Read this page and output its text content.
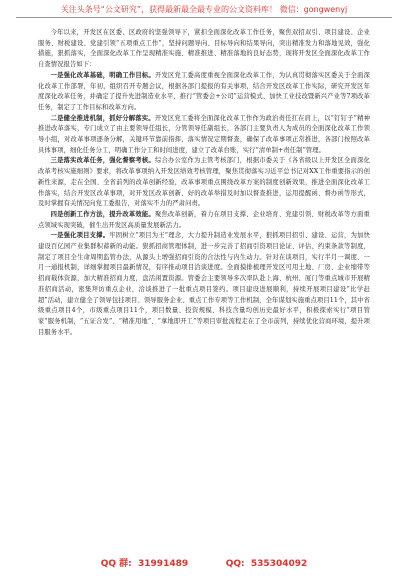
关注头条号“公文研究”，获得最新最全最专业的公文资料库！ 微信：gongwenyj

今年以来，开发区在区委、区政府的坚强领导下，紧扣全面深化改革工作任务，聚焦双招双引、项目建设、企业服务、财税建设、党建引领“五项重点工作”，坚持问题导向、目标导向和结果导向，突出精准发力和落地见效，强化措施，狠抓落实，全面深化改革工作呈现精准实施、精准推进、精准落地的良好态势，现将开发区全面深化改革工作自查情况报告如下：

一是强化改革基础，明确工作目标。开发区党工委高度重视全面深化改革工作，为认真贯彻落实区委关于全面深化改革工作部署，年初，组织召开专题会议，根据各部门提报的有关事项，结合开发区改革工作实际，研究开发区年度深化改革任务，并确定了提升先进制造业水平、推行“管委会+公司”运营模式、加快工业技改暨新兴产业等7项改革任务，制定了工作目标和改革方向。

二是健全推进机制，抓好分解落实。开发区党工委将全面深化改革工作作为政治责任扛在肩上，以“钉钉子”精神推进改革落实，专门成立了由主要领导任组长，分管领导任副组长，各部门主要负责人为成员的全面深化改革工作领导小组，对改革事项逐条分解，关键环节靠前指挥，落实情况定期督查，确保了改革事项正常推进，各部门按照改革具体事项，细化任务分工，明确工作分工和时间进度，建立了改革台账，实行“清单制+责任制”管理。

三是落实改革任务，强化督察考核。综合办公室作为主管考核部门，根据市委关于《各省级以上开发区全面深化改革考核实施细则》要求，将改革事项纳入开发区绩效考核管理，聚焦贯彻落实习近平总书记对XX工作重要指示的创新性来源，走在全国、全省前列的改革创新经验，改革事项重点围绕改革方案的制度创新效果，推进全面深化改革工作落实，结合开发区改革事项，对开发区改革创新、好的改革举措及时加以督查推进，运用提醒函、督办函等形式，及时掌握有关情况向党工委报告，对落实不力的严肃问责。

四是创新工作方法，提升改革效能。聚焦改革创新，着力在项目支撑、企业培育、党建引领、财税改革等方面重点领域实现突破，催生出开发区高质量发展新活力。

一是强化项目支撑。牢固树立“项目为王”理念，大力提升制造业发展水平，狠抓项目招引、建设、运营，为加快建设百亿园产业集群积蓄新的动能。狠抓招商管理体制，进一步完善了招商引资项目论证、评估、约束条款等制度，制定了项目全生命周期监管办法，从源头上增强招商引资的合法性与内生动力。针对在谈项目，实行半月一调度、一月一通报机制，详细掌握项目最新情况，有序推动项目洽谈进度。全面摸排梳理开发区可用土地、厂房、企业缩带等招商载体资源，加大精准招商力度，盘活闲置资源。管委会主要领导多次率队赴上海、杭州、厦门等重点城市开展精准招商活动，密集拜访重点企业，洽谈推进了一批重点项目签约。项目建设进展顺利，持续开展项目建设“比学赶超”活动，建立健全了领导包挂项目、领导服务企业、重点工作专项等工作机制，全年谋划实施重点项目11个，其中省级重点项目4个，市级重点项目11个，项目数量、投资规模、科技含量均创历史最好水平，积极探索实行“项目管家”服务机制，“五证合发”、“精准用地”、“拿地即开工”等项目审批流程走在了全市前列，持续优化营商环境，提升项目服务水平。

QQ 群:  31991489	QQ:  535304092
